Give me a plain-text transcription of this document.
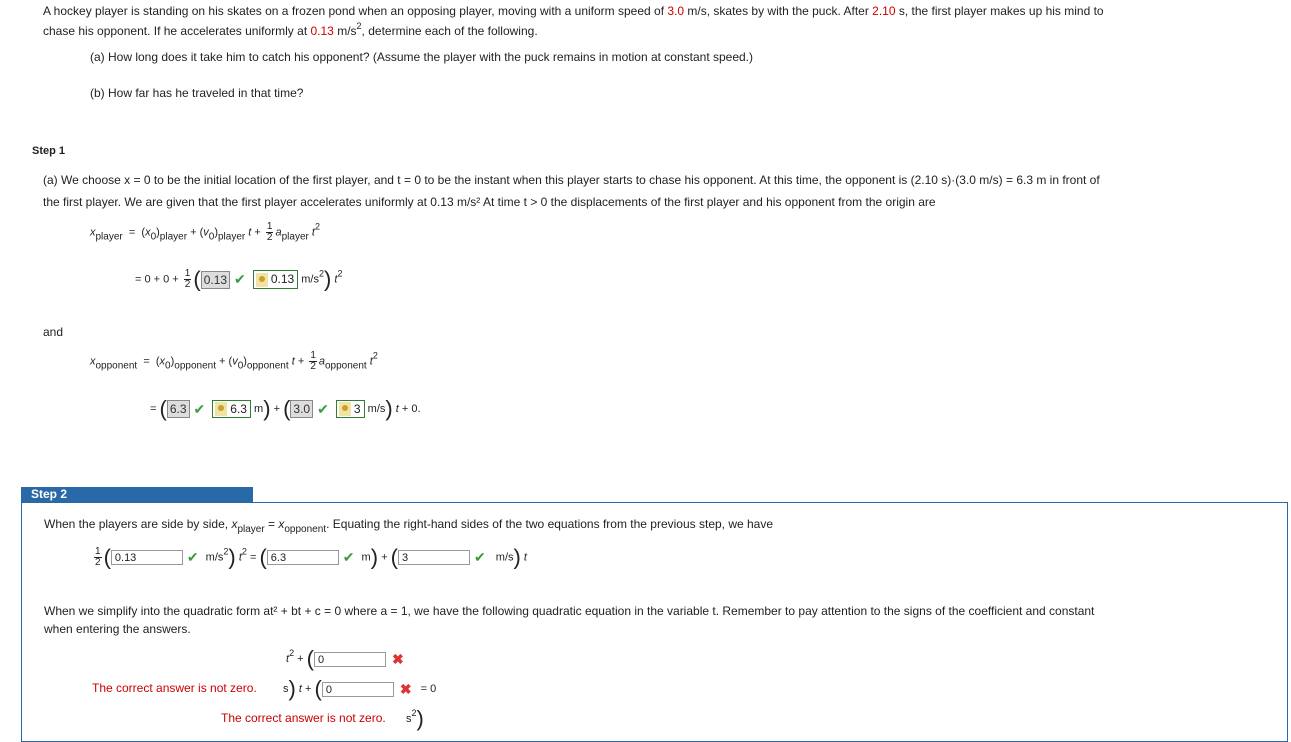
A hockey player is standing on his skates on a frozen pond when an opposing player, moving with a uniform speed of 3.0 m/s, skates by with the puck. After 2.10 s, the first player makes up his mind to
chase his opponent. If he accelerates uniformly at 0.13 $m/s^2$, determine each of the following.
(a) How long does it take him to catch his opponent? (Assume the player with the puck remains in motion at constant speed.)
(b) How far has he traveled in that time?
Step 1
(a) We choose x = 0 to be the initial location of the first player, and t = 0 to be the instant when this player starts to chase his opponent. At this time, the opponent is (2.10 s)·(3.0 m/s) = 6.3 m in front of
the first player. We are given that the first player accelerates uniformly at 0.13 m/s² At time t > 0 the displacements of the first player and his opponent from the origin are
$x_{player} = (x_0)_{player} + (v_0)_{player}$ $t + \frac{1}{2} a_{player}$ $t^2$
= $0 + 0 + \frac{1}{2}$ ( 0.13 ✔ 0.13 $m/s^2$) $t^2$
and
$x_{opponent} = (x_0)_{opponent} + (v_0)_{opponent}$ $t + \frac{1}{2} a_{opponent}$ $t^2$
= ( 6.3 ✔ 6.3 m) + ( 3.0 ✔ 3 m/s) t + 0.
Step 2
When the players are side by side, $x_{player} = x_{opponent}$. Equating the right-hand sides of the two equations from the previous step, we have
$\frac{1}{2}$ ( 0.13	✔ $m/s^2$) $t^2$ = ( 6.3	✔ m) + ( 3	✔  m/s) t
When we simplify into the quadratic form at² + bt + c = 0 where a = 1, we have the following quadratic equation in the variable t. Remember to pay attention to the signs of the coefficient and constant
when entering the answers.
$t^2$ + ( 0	✖
The correct answer is not zero. s) t + ( 0	✖ = 0
The correct answer is not zero. $s^2$)
